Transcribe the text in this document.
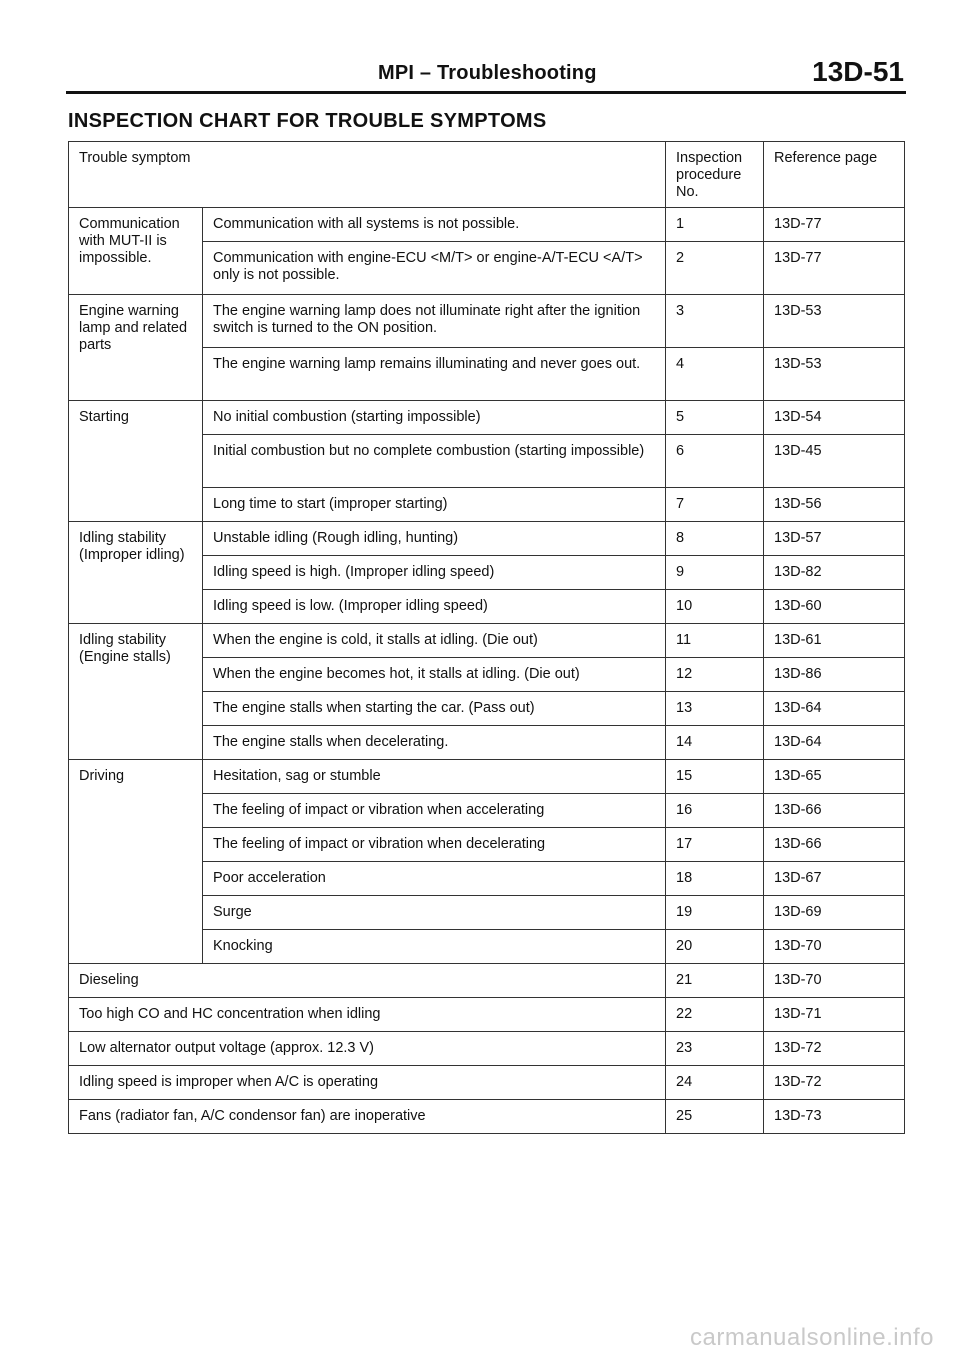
MPI – Troubleshooting	13D-51
INSPECTION CHART FOR TROUBLE SYMPTOMS
Trouble symptom		Inspection procedure No.	Reference page
Communication with MUT-II is impossible.	Communication with all systems is not possible.	1	13D-77
	Communication with engine-ECU <M/T> or engine-A/T-ECU <A/T> only is not possible.	2	13D-77
Engine warning lamp and related parts	The engine warning lamp does not illuminate right after the ignition switch is turned to the ON position.	3	13D-53
	The engine warning lamp remains illuminating and never goes out.	4	13D-53
Starting	No initial combustion (starting impossible)	5	13D-54
	Initial combustion but no complete combustion (starting impossible)	6	13D-45
	Long time to start (improper starting)	7	13D-56
Idling stability (Improper idling)	Unstable idling (Rough idling, hunting)	8	13D-57
	Idling speed is high. (Improper idling speed)	9	13D-82
	Idling speed is low. (Improper idling speed)	10	13D-60
Idling stability (Engine stalls)	When the engine is cold, it stalls at idling. (Die out)	11	13D-61
	When the engine becomes hot, it stalls at idling. (Die out)	12	13D-86
	The engine stalls when starting the car. (Pass out)	13	13D-64
	The engine stalls when decelerating.	14	13D-64
Driving	Hesitation, sag or stumble	15	13D-65
	The feeling of impact or vibration when accelerating	16	13D-66
	The feeling of impact or vibration when decelerating	17	13D-66
	Poor acceleration	18	13D-67
	Surge	19	13D-69
	Knocking	20	13D-70
Dieseling		21	13D-70
Too high CO and HC concentration when idling		22	13D-71
Low alternator output voltage (approx. 12.3 V)		23	13D-72
Idling speed is improper when A/C is operating		24	13D-72
Fans (radiator fan, A/C condensor fan) are inoperative		25	13D-73
carmanualsonline.info
